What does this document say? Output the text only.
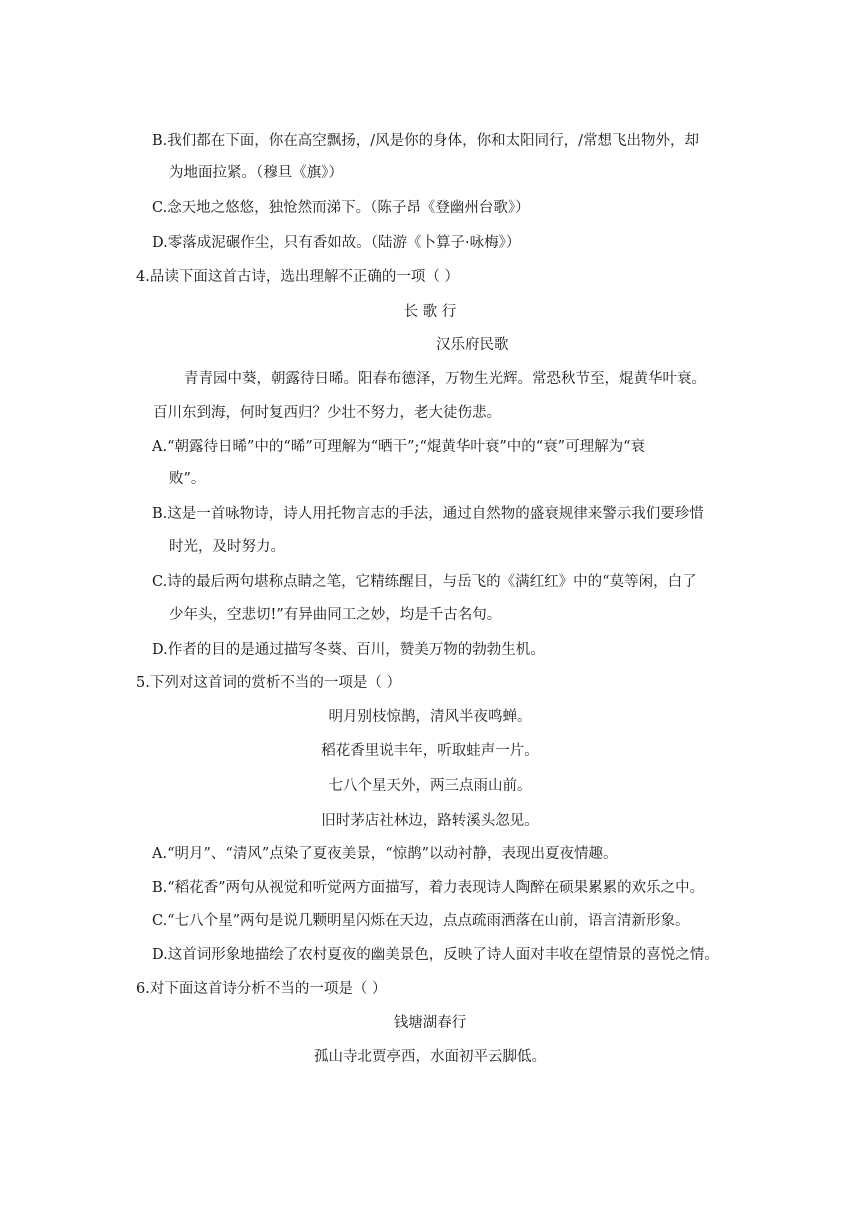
B.我们都在下面，你在高空飘扬，/风是你的身体，你和太阳同行，/常想飞出物外，却
为地面拉紧。（穆旦《旗》）
C.念天地之悠悠，独怆然而涕下。（陈子昂《登幽州台歌》）
D.零落成泥碾作尘，只有香如故。（陆游《卜算子·咏梅》）
4.品读下面这首古诗，选出理解不正确的一项（ ）
长 歌 行
汉乐府民歌
青青园中葵，朝露待日晞。阳春布德泽，万物生光辉。常恐秋节至，焜黄华叶衰。
百川东到海，何时复西归？少壮不努力，老大徒伤悲。
A.“朝露待日晞”中的“晞”可理解为“晒干”;“焜黄华叶衰”中的“衰”可理解为“衰
败”。
B.这是一首咏物诗，诗人用托物言志的手法，通过自然物的盛衰规律来警示我们要珍惜
时光，及时努力。
C.诗的最后两句堪称点睛之笔，它精练醒目，与岳飞的《满红红》中的“莫等闲，白了
少年头，空悲切!”有异曲同工之妙，均是千古名句。
D.作者的目的是通过描写冬葵、百川，赞美万物的勃勃生机。
5.下列对这首词的赏析不当的一项是（ ）
明月别枝惊鹊，清风半夜鸣蝉。
稻花香里说丰年，听取蛙声一片。
七八个星天外，两三点雨山前。
旧时茅店社林边，路转溪头忽见。
A.“明月”、“清风”点染了夏夜美景，“惊鹊”以动衬静，表现出夏夜情趣。
B.“稻花香”两句从视觉和听觉两方面描写，着力表现诗人陶醉在硕果累累的欢乐之中。
C.“七八个星”两句是说几颗明星闪烁在天边，点点疏雨洒落在山前，语言清新形象。
D.这首词形象地描绘了农村夏夜的幽美景色，反映了诗人面对丰收在望情景的喜悦之情。
6.对下面这首诗分析不当的一项是（ ）
钱塘湖春行
孤山寺北贾亭西，水面初平云脚低。
